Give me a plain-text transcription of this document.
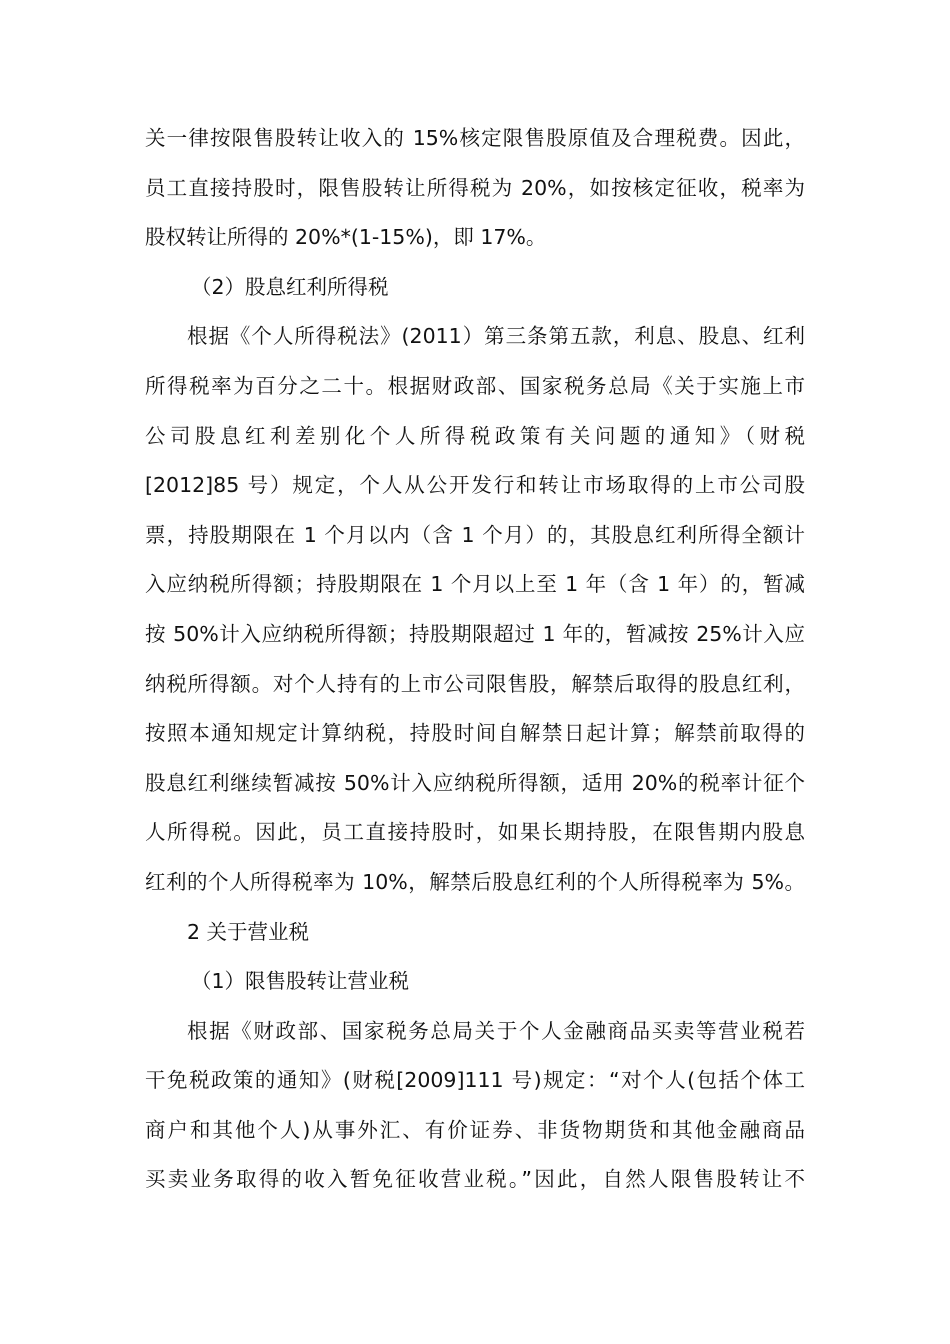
关一律按限售股转让收入的 15%核定限售股原值及合理税费。因此，
员工直接持股时，限售股转让所得税为 20%，如按核定征收，税率为
股权转让所得的 20%*(1-15%)，即 17%。
（2）股息红利所得税
根据《个人所得税法》(2011）第三条第五款，利息、股息、红利
所得税率为百分之二十。根据财政部、国家税务总局《关于实施上市
公司股息红利差别化个人所得税政策有关问题的通知》（财税
[2012]85 号）规定，个人从公开发行和转让市场取得的上市公司股
票，持股期限在 1 个月以内（含 1 个月）的，其股息红利所得全额计
入应纳税所得额；持股期限在 1 个月以上至 1 年（含 1 年）的，暂减
按 50%计入应纳税所得额；持股期限超过 1 年的，暂减按 25%计入应
纳税所得额。对个人持有的上市公司限售股，解禁后取得的股息红利，
按照本通知规定计算纳税，持股时间自解禁日起计算；解禁前取得的
股息红利继续暂减按 50%计入应纳税所得额，适用 20%的税率计征个
人所得税。因此，员工直接持股时，如果长期持股，在限售期内股息
红利的个人所得税率为 10%，解禁后股息红利的个人所得税率为 5%。
2 关于营业税
（1）限售股转让营业税
根据《财政部、国家税务总局关于个人金融商品买卖等营业税若
干免税政策的通知》(财税[2009]111 号)规定：“对个人(包括个体工
商户和其他个人)从事外汇、有价证券、非货物期货和其他金融商品
买卖业务取得的收入暂免征收营业税。”因此，自然人限售股转让不
